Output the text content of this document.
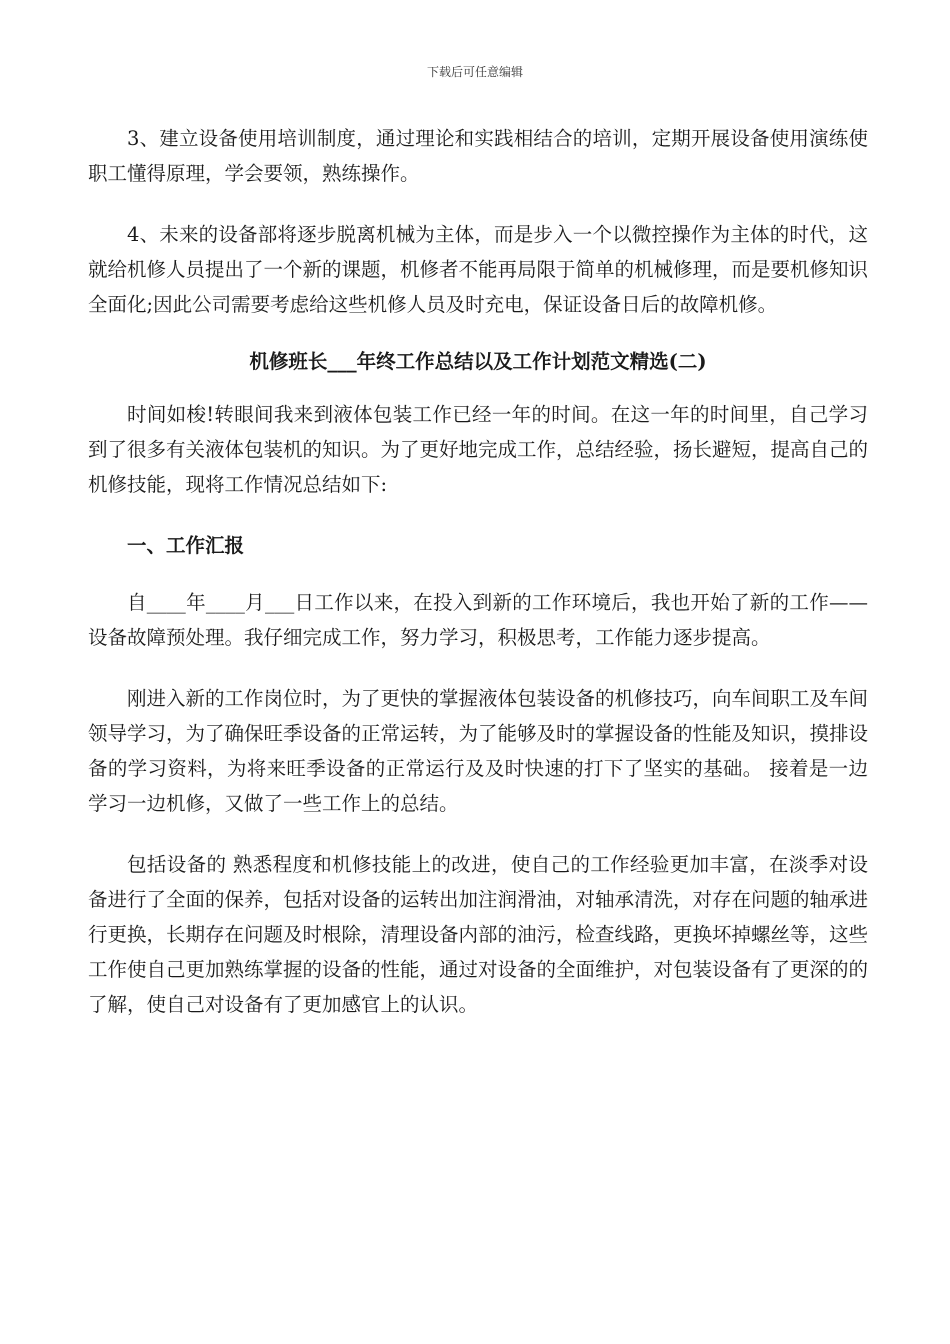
下载后可任意编辑

3、建立设备使用培训制度，通过理论和实践相结合的培训，定期开展设备使用演练使职工懂得原理，学会要领，熟练操作。

4、未来的设备部将逐步脱离机械为主体，而是步入一个以微控操作为主体的时代，这就给机修人员提出了一个新的课题，机修者不能再局限于简单的机械修理，而是要机修知识全面化;因此公司需要考虑给这些机修人员及时充电，保证设备日后的故障机修。

机修班长___年终工作总结以及工作计划范文精选(二)

时间如梭!转眼间我来到液体包装工作已经一年的时间。在这一年的时间里，自己学习到了很多有关液体包装机的知识。为了更好地完成工作，总结经验，扬长避短，提高自己的机修技能，现将工作情况总结如下:

一、工作汇报

自____年____月___日工作以来，在投入到新的工作环境后，我也开始了新的工作——设备故障预处理。我仔细完成工作，努力学习，积极思考，工作能力逐步提高。

刚进入新的工作岗位时，为了更快的掌握液体包装设备的机修技巧，向车间职工及车间领导学习，为了确保旺季设备的正常运转，为了能够及时的掌握设备的性能及知识，摸排设备的学习资料，为将来旺季设备的正常运行及及时快速的打下了坚实的基础。 接着是一边学习一边机修，又做了一些工作上的总结。

包括设备的 熟悉程度和机修技能上的改进，使自己的工作经验更加丰富，在淡季对设备进行了全面的保养，包括对设备的运转出加注润滑油，对轴承清洗，对存在问题的轴承进行更换，长期存在问题及时根除，清理设备内部的油污，检查线路，更换坏掉螺丝等，这些工作使自己更加熟练掌握的设备的性能，通过对设备的全面维护，对包装设备有了更深的的了解，使自己对设备有了更加感官上的认识。
